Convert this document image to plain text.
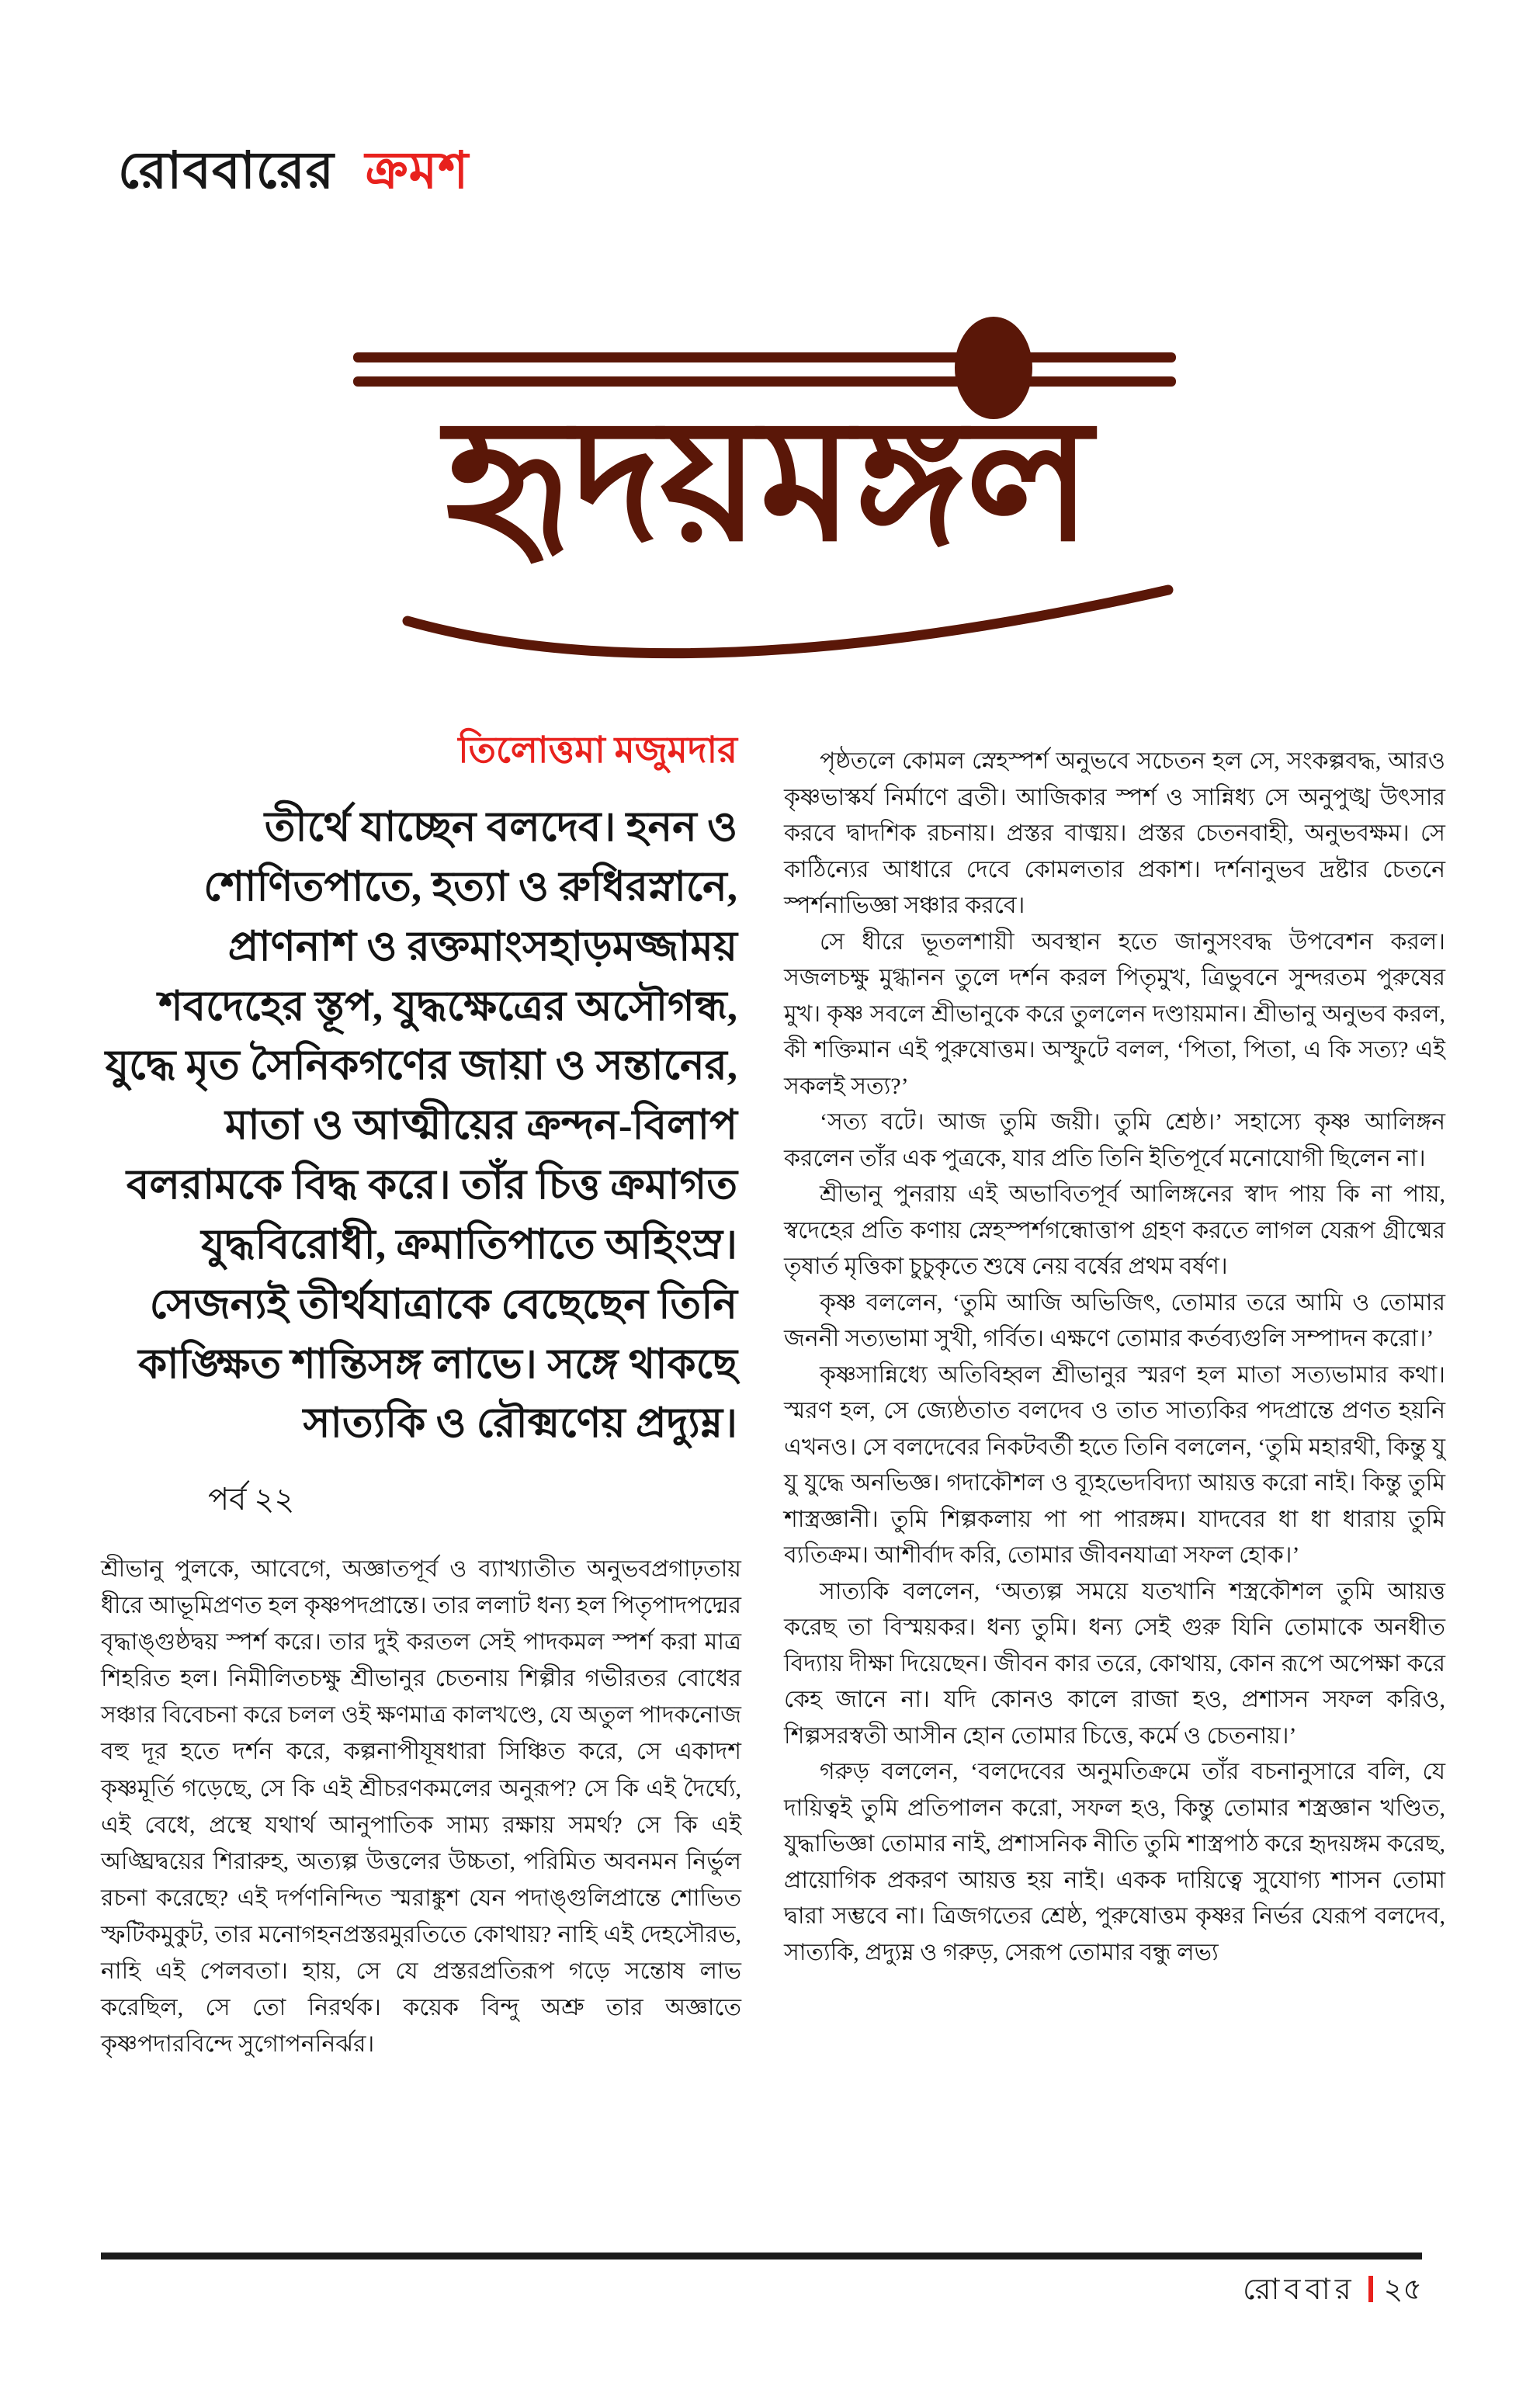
রোববারের ক্রমশ
হৃদয়মঙ্গল
তিলোত্তমা মজুমদার

তীর্থে যাচ্ছেন বলদেব। হনন ও শোণিতপাতে, হত্যা ও রুধিরস্নানে, প্রাণনাশ ও রক্তমাংসহাড়মজ্জাময় শবদেহের স্তূপ, যুদ্ধক্ষেত্রের অসৌগন্ধ, যুদ্ধে মৃত সৈনিকগণের জায়া ও সন্তানের, মাতা ও আত্মীয়ের ক্রন্দন-বিলাপ বলরামকে বিদ্ধ করে। তাঁর চিত্ত ক্রমাগত যুদ্ধবিরোধী, ক্রমাতিপাতে অহিংস্র। সেজন্যই তীর্থযাত্রাকে বেছেছেন তিনি কাঙ্ক্ষিত শান্তিসঙ্গ লাভে। সঙ্গে থাকছে সাত্যকি ও রৌক্মণেয় প্রদ্যুম্ন।

পর্ব ২২

শ্রীভানু পুলকে, আবেগে, অজ্ঞাতপূর্ব ও ব্যাখ্যাতীত অনুভবপ্রগাঢ়তায় ধীরে আভূমিপ্রণত হল কৃষ্ণপদপ্রান্তে। তার ললাট ধন্য হল পিতৃপাদপদ্মের বৃদ্ধাঙ্গুষ্ঠদ্বয় স্পর্শ করে। তার দুই করতল সেই পাদকমল স্পর্শ করা মাত্র শিহরিত হল। নিমীলিতচক্ষু শ্রীভানুর চেতনায় শিল্পীর গভীরতর বোধের সঞ্চার বিবেচনা করে চলল ওই ক্ষণমাত্র কালখণ্ডে, যে অতুল পাদকনোজ বহু দূর হতে দর্শন করে, কল্পনাপীযূষধারা সিঞ্চিত করে, সে একাদশ কৃষ্ণমূর্তি গড়েছে, সে কি এই শ্রীচরণকমলের অনুরূপ? সে কি এই দৈর্ঘ্যে, এই বেধে, প্রস্থে যথার্থ আনুপাতিক সাম্য রক্ষায় সমর্থ? সে কি এই অঙ্ঘ্রিদ্বয়ের শিরারুহ, অত্যল্প উত্তলের উচ্চতা, পরিমিত অবনমন নির্ভুল রচনা করেছে? এই দর্পণনিন্দিত স্মরাঙ্কুশ যেন পদাঙ্গুলিপ্রান্তে শোভিত স্ফটিকমুকুট, তার মনোগহনপ্রস্তরমুরতিতে কোথায়? নাহি এই দেহসৌরভ, নাহি এই পেলবতা। হায়, সে যে প্রস্তরপ্রতিরূপ গড়ে সন্তোষ লাভ করেছিল, সে তো নিরর্থক। কয়েক বিন্দু অশ্রু তার অজ্ঞাতে কৃষ্ণপদারবিন্দে সুগোপননির্ঝর।

পৃষ্ঠতলে কোমল স্নেহস্পর্শ অনুভবে সচেতন হল সে, সংকল্পবদ্ধ, আরও কৃষ্ণভাস্কর্য নির্মাণে ব্রতী। আজিকার স্পর্শ ও সান্নিধ্য সে অনুপুঙ্খ উৎসার করবে দ্বাদশিক রচনায়। প্রস্তর বাঙ্ময়। প্রস্তর চেতনবাহী, অনুভবক্ষম। সে কাঠিন্যের আধারে দেবে কোমলতার প্রকাশ। দর্শনানুভব দ্রষ্টার চেতনে স্পর্শনাভিজ্ঞা সঞ্চার করবে।

সে ধীরে ভূতলশায়ী অবস্থান হতে জানুসংবদ্ধ উপবেশন করল। সজলচক্ষু মুগ্ধানন তুলে দর্শন করল পিতৃমুখ, ত্রিভুবনে সুন্দরতম পুরুষের মুখ। কৃষ্ণ সবলে শ্রীভানুকে করে তুললেন দণ্ডায়মান। শ্রীভানু অনুভব করল, কী শক্তিমান এই পুরুষোত্তম। অস্ফুটে বলল, ‘পিতা, পিতা, এ কি সত্য? এই সকলই সত্য?’

‘সত্য বটে। আজ তুমি জয়ী। তুমি শ্রেষ্ঠ।’ সহাস্যে কৃষ্ণ আলিঙ্গন করলেন তাঁর এক পুত্রকে, যার প্রতি তিনি ইতিপূর্বে মনোযোগী ছিলেন না।

শ্রীভানু পুনরায় এই অভাবিতপূর্ব আলিঙ্গনের স্বাদ পায় কি না পায়, স্বদেহের প্রতি কণায় স্নেহস্পর্শগন্ধোত্তাপ গ্রহণ করতে লাগল যেরূপ গ্রীষ্মের তৃষার্ত মৃত্তিকা চুচুকৃতে শুষে নেয় বর্ষের প্রথম বর্ষণ।

কৃষ্ণ বললেন, ‘তুমি আজি অভিজিৎ, তোমার তরে আমি ও তোমার জননী সত্যভামা সুখী, গর্বিত। এক্ষণে তোমার কর্তব্যগুলি সম্পাদন করো।’

কৃষ্ণসান্নিধ্যে অতিবিহ্বল শ্রীভানুর স্মরণ হল মাতা সত্যভামার কথা। স্মরণ হল, সে জ্যেষ্ঠতাত বলদেব ও তাত সাত্যকির পদপ্রান্তে প্রণত হয়নি এখনও। সে বলদেবের নিকটবর্তী হতে তিনি বললেন, ‘তুমি মহারথী, কিন্তু যু যু যুদ্ধে অনভিজ্ঞ। গদাকৌশল ও ব্যূহভেদবিদ্যা আয়ত্ত করো নাই। কিন্তু তুমি শাস্ত্রজ্ঞানী। তুমি শিল্পকলায় পা পা পারঙ্গম। যাদবের ধা ধা ধারায় তুমি ব্যতিক্রম। আশীর্বাদ করি, তোমার জীবনযাত্রা সফল হোক।’

সাত্যকি বললেন, ‘অত্যল্প সময়ে যতখানি শস্ত্রকৌশল তুমি আয়ত্ত করেছ তা বিস্ময়কর। ধন্য তুমি। ধন্য সেই গুরু যিনি তোমাকে অনধীত বিদ্যায় দীক্ষা দিয়েছেন। জীবন কার তরে, কোথায়, কোন রূপে অপেক্ষা করে কেহ জানে না। যদি কোনও কালে রাজা হও, প্রশাসন সফল করিও, শিল্পসরস্বতী আসীন হোন তোমার চিত্তে, কর্মে ও চেতনায়।’

গরুড় বললেন, ‘বলদেবের অনুমতিক্রমে তাঁর বচনানুসারে বলি, যে দায়িত্বই তুমি প্রতিপালন করো, সফল হও, কিন্তু তোমার শস্ত্রজ্ঞান খণ্ডিত, যুদ্ধাভিজ্ঞা তোমার নাই, প্রশাসনিক নীতি তুমি শাস্ত্রপাঠ করে হৃদয়ঙ্গম করেছ, প্রায়োগিক প্রকরণ আয়ত্ত হয় নাই। একক দায়িত্বে সুযোগ্য শাসন তোমা দ্বারা সম্ভবে না। ত্রিজগতের শ্রেষ্ঠ, পুরুষোত্তম কৃষ্ণর নির্ভর যেরূপ বলদেব, সাত্যকি, প্রদ্যুম্ন ও গরুড়, সেরূপ তোমার বন্ধু লভ্য

রোববার ২৫
